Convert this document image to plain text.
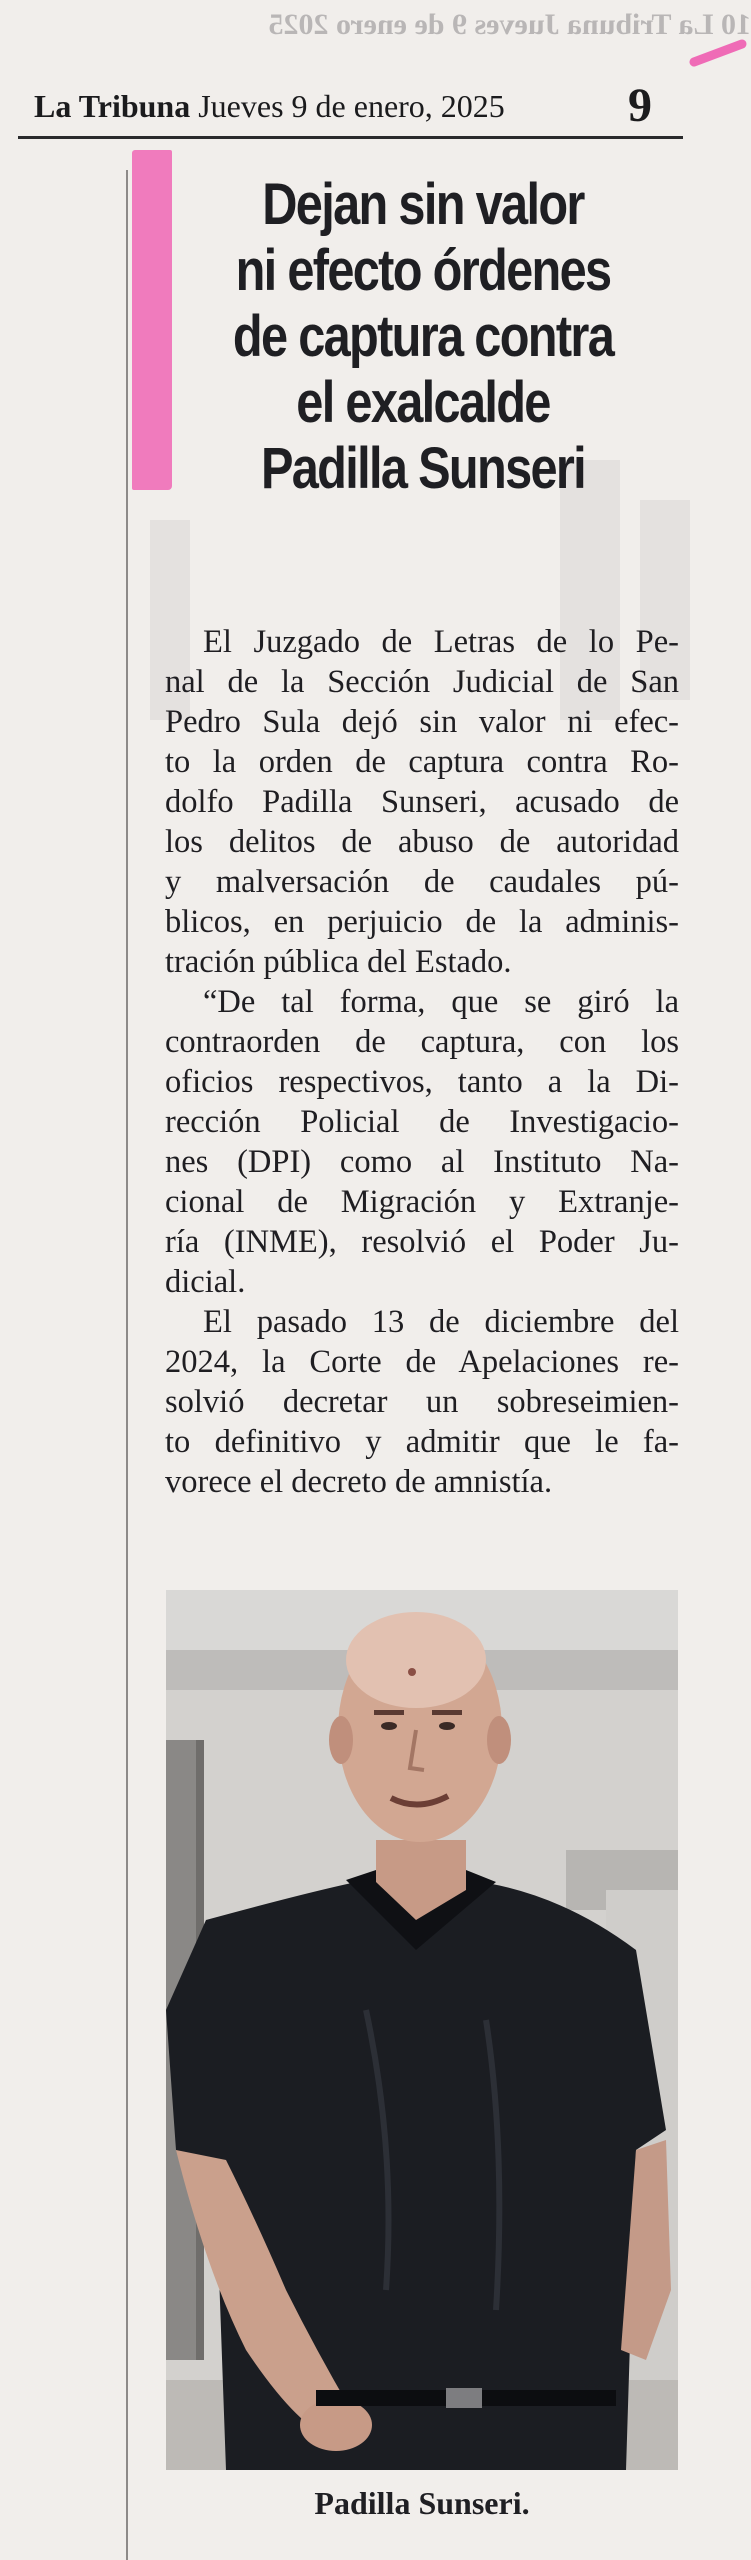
10 La Tribuna Jueves 9 de enero 2025
La Tribuna Jueves 9 de enero, 2025	9
Dejan sin valor
ni efecto órdenes
de captura contra
el exalcalde
Padilla Sunseri
El Juzgado de Letras de lo Pe-
nal de la Sección Judicial de San
Pedro Sula dejó sin valor ni efec-
to la orden de captura contra Ro-
dolfo Padilla Sunseri, acusado de
los delitos de abuso de autoridad
y malversación de caudales pú-
blicos, en perjuicio de la adminis-
tración pública del Estado.
“De tal forma, que se giró la
contraorden de captura, con los
oficios respectivos, tanto a la Di-
rección Policial de Investigacio-
nes (DPI) como al Instituto Na-
cional de Migración y Extranje-
ría (INME), resolvió el Poder Ju-
dicial.
El pasado 13 de diciembre del
2024, la Corte de Apelaciones re-
solvió decretar un sobreseimien-
to definitivo y admitir que le fa-
vorece el decreto de amnistía.
Padilla Sunseri.
